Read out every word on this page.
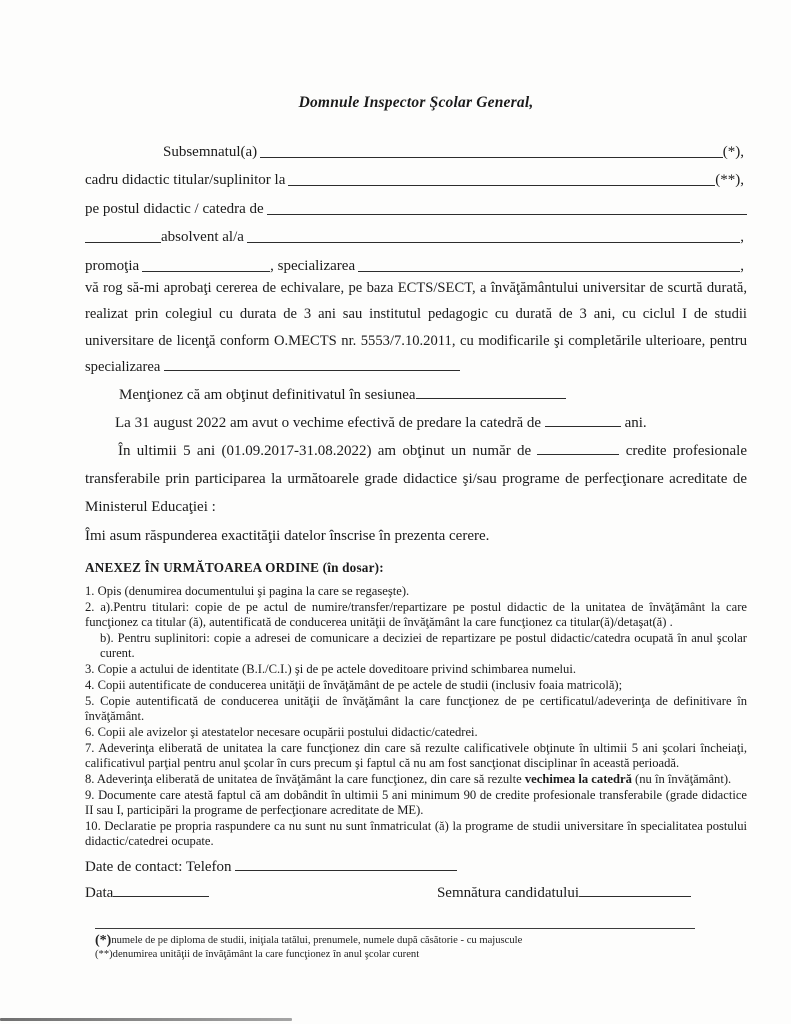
Domnule Inspector Şcolar General,
Subsemnatul(a)	(*),
cadru didactic titular/suplinitor la	(**),
pe postul didactic / catedra de
absolvent al/a	,
promoţia	, specializarea	,

vă rog să-mi aprobaţi cererea de echivalare, pe baza ECTS/SECT, a învăţământului universitar de scurtă durată, realizat prin colegiul cu durata de 3 ani sau institutul pedagogic cu durată de 3 ani, cu ciclul I de studii universitare de licenţă conform O.MECTS nr. 5553/7.10.2011, cu modificarile şi completările ulterioare, pentru specializarea

Menţionez că am obţinut definitivatul în sesiunea

La 31 august 2022 am avut o vechime efectivă de predare la catedră de	ani.

În ultimii 5 ani (01.09.2017-31.08.2022) am obţinut un număr de	credite profesionale transferabile prin participarea la următoarele grade didactice şi/sau programe de perfecţionare acreditate de Ministerul Educaţiei :

Îmi asum răspunderea exactităţii datelor înscrise în prezenta cerere.

ANEXEZ ÎN URMĂTOAREA ORDINE (în dosar):

1. Opis (denumirea documentului şi pagina la care se regaseşte).

2. a).Pentru titulari: copie de pe actul de numire/transfer/repartizare pe postul didactic de la unitatea de învăţământ la care funcţionez ca titular (ă), autentificată de conducerea unităţii de învăţământ la care funcţionez ca titular(ă)/detaşat(ă) .

b). Pentru suplinitori: copie a adresei de comunicare a deciziei de repartizare pe postul didactic/catedra ocupată în anul şcolar curent.

3. Copie a actului de identitate (B.I./C.I.) şi de pe actele doveditoare privind schimbarea numelui.

4. Copii autentificate de conducerea unităţii de învăţământ de pe actele de studii (inclusiv foaia matricolă);

5. Copie autentificată de conducerea unităţii de învăţământ la care funcţionez de pe certificatul/adeverinţa de definitivare în învăţământ.

6. Copii ale avizelor şi atestatelor necesare ocupării postului didactic/catedrei.

7. Adeverinţa eliberată de unitatea la care funcţionez din care să rezulte calificativele obţinute în ultimii 5 ani şcolari încheiaţi, calificativul parţial pentru anul şcolar în curs precum şi faptul că nu am fost sancţionat disciplinar în această perioadă.

8. Adeverinţa eliberată de unitatea de învăţământ la care funcţionez, din care să rezulte vechimea la catedră (nu în învăţământ).

9. Documente care atestă faptul că am dobândit în ultimii 5 ani minimum 90 de credite profesionale transferabile (grade didactice II sau I, participări la programe de perfecţionare acreditate de ME).

10. Declaratie pe propria raspundere ca nu sunt nu sunt înmatriculat (ă) la programe de studii universitare în specialitatea postului didactic/catedrei ocupate.

Date de contact: Telefon

Data	Semnătura candidatului
(*)numele de pe diploma de studii, iniţiala tatălui, prenumele, numele după căsătorie - cu majuscule
(**)denumirea unităţii de învăţământ la care funcţionez în anul şcolar curent
